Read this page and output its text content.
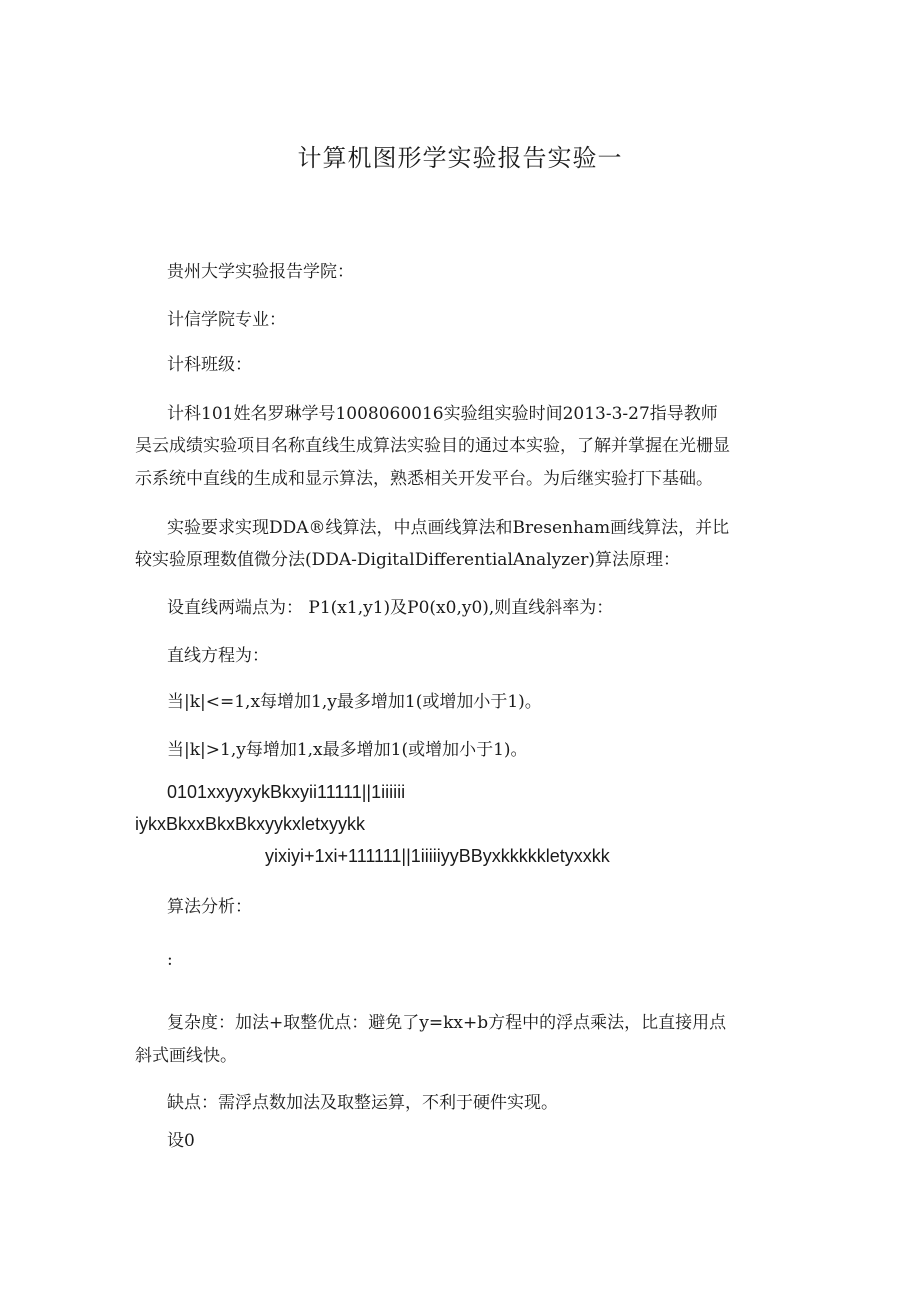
计算机图形学实验报告实验一
贵州大学实验报告学院：
计信学院专业：
计科班级：
计科101姓名罗琳学号1008060016实验组实验时间2013-3-27指导教师
吴云成绩实验项目名称直线生成算法实验目的通过本实验，了解并掌握在光栅显
示系统中直线的生成和显示算法，熟悉相关开发平台。为后继实验打下基础。
实验要求实现DDA®线算法，中点画线算法和Bresenham画线算法，并比
较实验原理数值微分法(DDA-DigitalDifferentialAnalyzer)算法原理：
设直线两端点为： P1(x1,y1)及P0(x0,y0),则直线斜率为：
直线方程为：
当|k|<=1,x每增加1,y最多增加1(或增加小于1)。
当|k|>1,y每增加1,x最多增加1(或增加小于1)。
0101xxyyxykBkxyii11111||1iiiiii
iykxBkxxBkxBkxyykxletxyykk
yixiyi+1xi+111111||1iiiiiyyBByxkkkkkletyxxkk
算法分析：
:
复杂度：加法+取整优点：避免了y=kx+b方程中的浮点乘法，比直接用点
斜式画线快。
缺点：需浮点数加法及取整运算，不利于硬件实现。
设0
